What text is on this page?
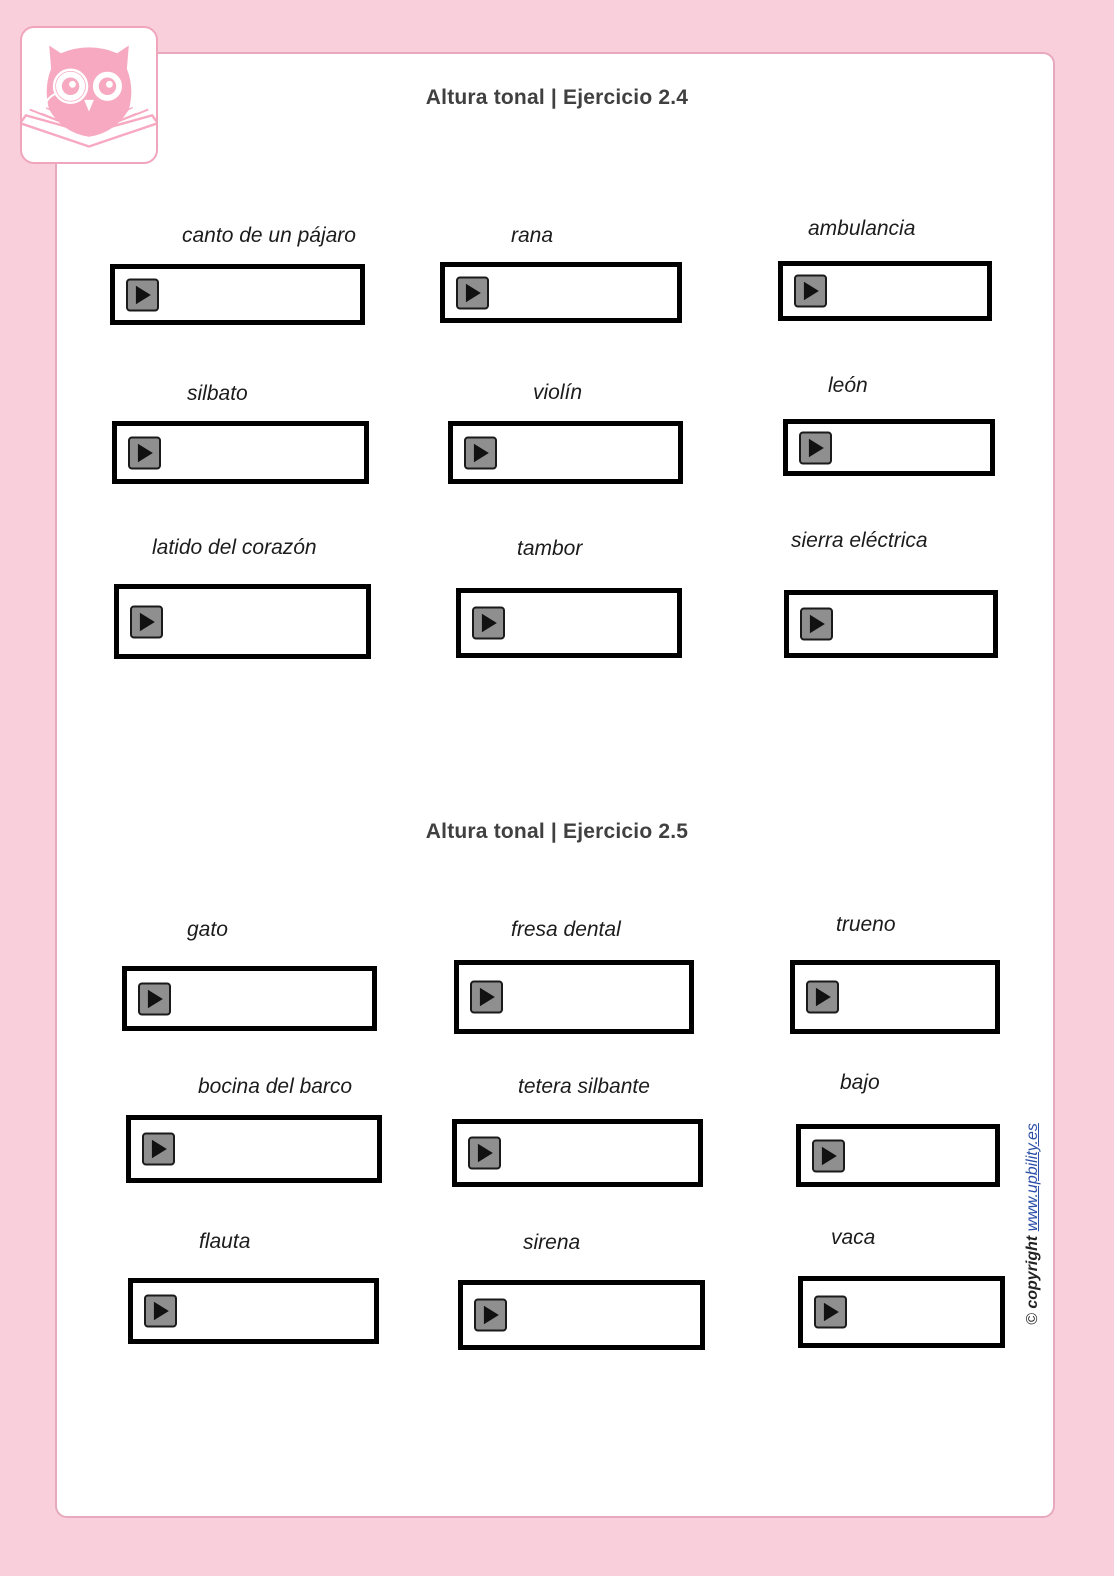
Altura tonal | Ejercicio 2.4
canto de un pájaro	rana	ambulancia
silbato	violín	león
latido del corazón	tambor	sierra eléctrica
Altura tonal | Ejercicio 2.5
gato	fresa dental	trueno
bocina del barco	tetera silbante	bajo
flauta	sirena	vaca
© copyright www.upbility.es
